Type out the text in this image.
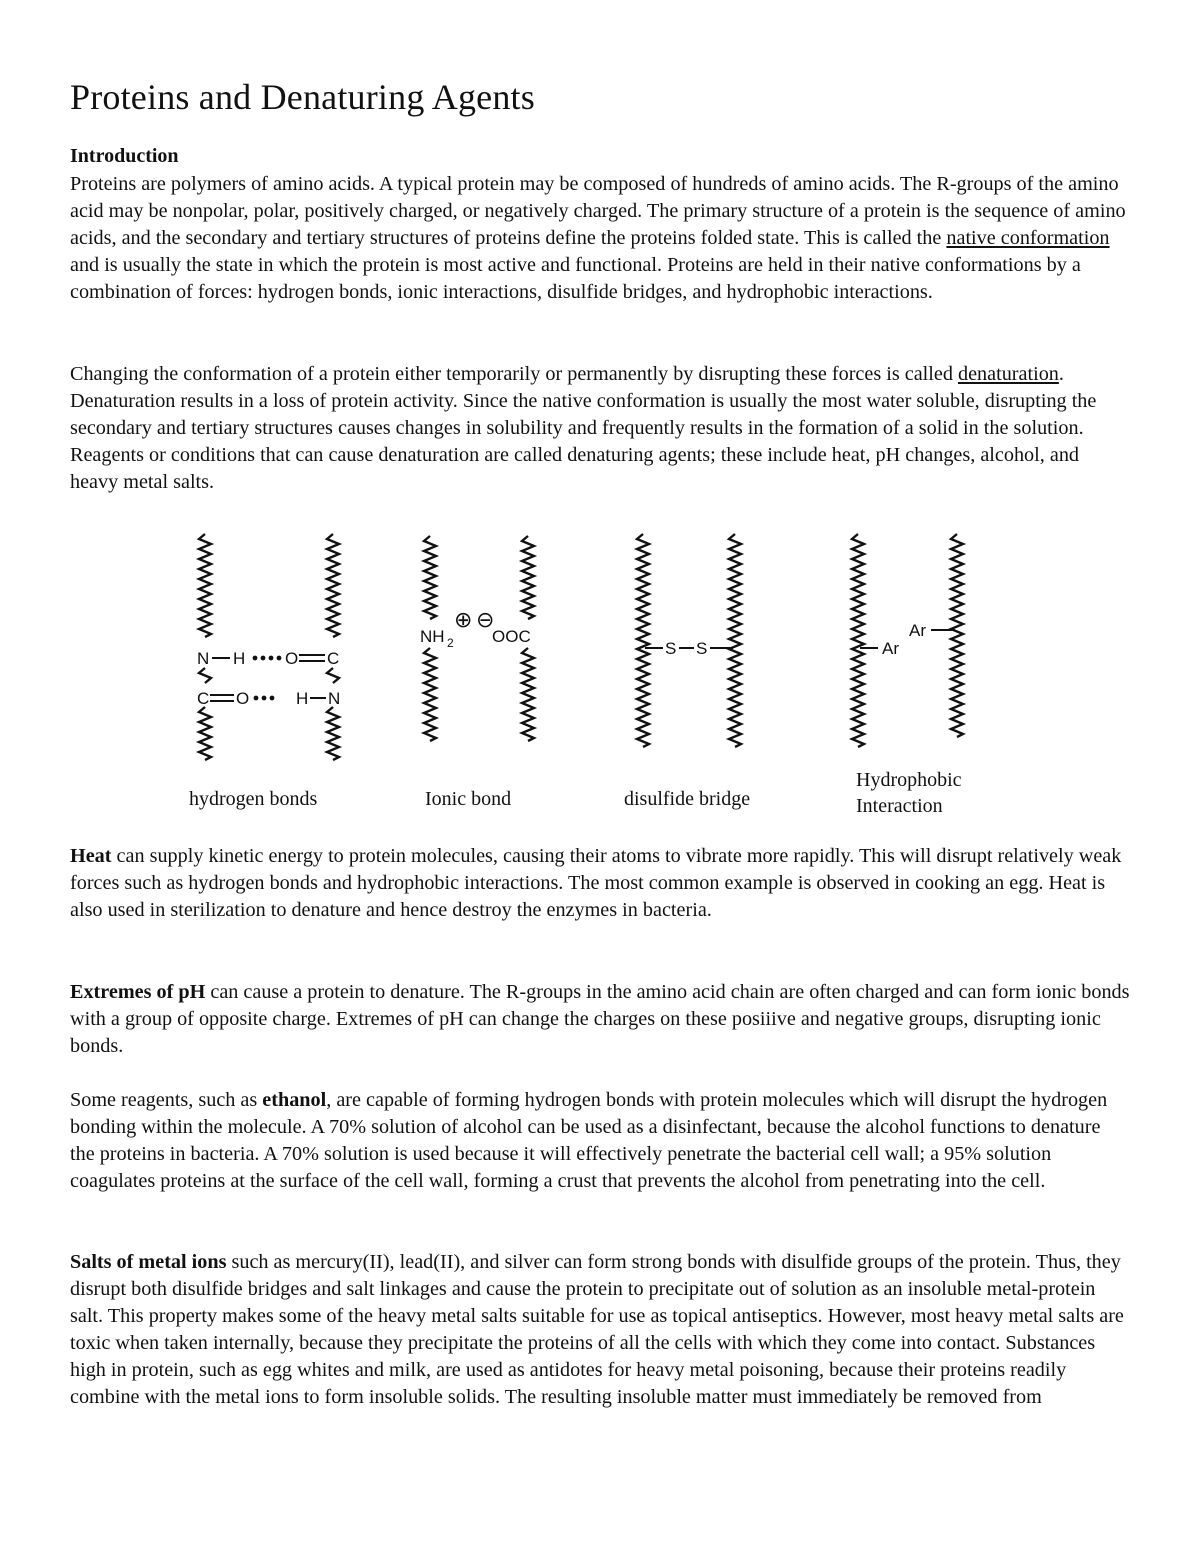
Proteins and Denaturing Agents
Introduction

Proteins are polymers of amino acids. A typical protein may be composed of hundreds of amino acids. The R-groups of the amino acid may be nonpolar, polar, positively charged, or negatively charged. The primary structure of a protein is the sequence of amino acids, and the secondary and tertiary structures of proteins define the proteins folded state. This is called the native conformation and is usually the state in which the protein is most active and functional. Proteins are held in their native conformations by a combination of forces: hydrogen bonds, ionic interactions, disulfide bridges, and hydrophobic interactions.

Changing the conformation of a protein either temporarily or permanently by disrupting these forces is called denaturation. Denaturation results in a loss of protein activity. Since the native conformation is usually the most water soluble, disrupting the secondary and tertiary structures causes changes in solubility and frequently results in the formation of a solid in the solution. Reagents or conditions that can cause denaturation are called denaturing agents; these include heat, pH changes, alcohol, and heavy metal salts.

N H O C
C O	H N
NH 2
⊕ ⊖
OOC
S S	Ar
Ar

hydrogen bonds	Ionic bond	disulfide bridge

Hydrophobic

Interaction

Heat can supply kinetic energy to protein molecules, causing their atoms to vibrate more rapidly. This will disrupt relatively weak forces such as hydrogen bonds and hydrophobic interactions. The most common example is observed in cooking an egg. Heat is also used in sterilization to denature and hence destroy the enzymes in bacteria.

Extremes of pH can cause a protein to denature. The R-groups in the amino acid chain are often charged and can form ionic bonds with a group of opposite charge. Extremes of pH can change the charges on these posiiive and negative groups, disrupting ionic bonds.

Some reagents, such as ethanol, are capable of forming hydrogen bonds with protein molecules which will disrupt the hydrogen bonding within the molecule. A 70% solution of alcohol can be used as a disinfectant, because the alcohol functions to denature the proteins in bacteria. A 70% solution is used because it will effectively penetrate the bacterial cell wall; a 95% solution coagulates proteins at the surface of the cell wall, forming a crust that prevents the alcohol from penetrating into the cell.

Salts of metal ions such as mercury(II), lead(II), and silver can form strong bonds with disulfide groups of the protein. Thus, they disrupt both disulfide bridges and salt linkages and cause the protein to precipitate out of solution as an insoluble metal-protein salt. This property makes some of the heavy metal salts suitable for use as topical antiseptics. However, most heavy metal salts are toxic when taken internally, because they precipitate the proteins of all the cells with which they come into contact. Substances high in protein, such as egg whites and milk, are used as antidotes for heavy metal poisoning, because their proteins readily combine with the metal ions to form insoluble solids. The resulting insoluble matter must immediately be removed from
